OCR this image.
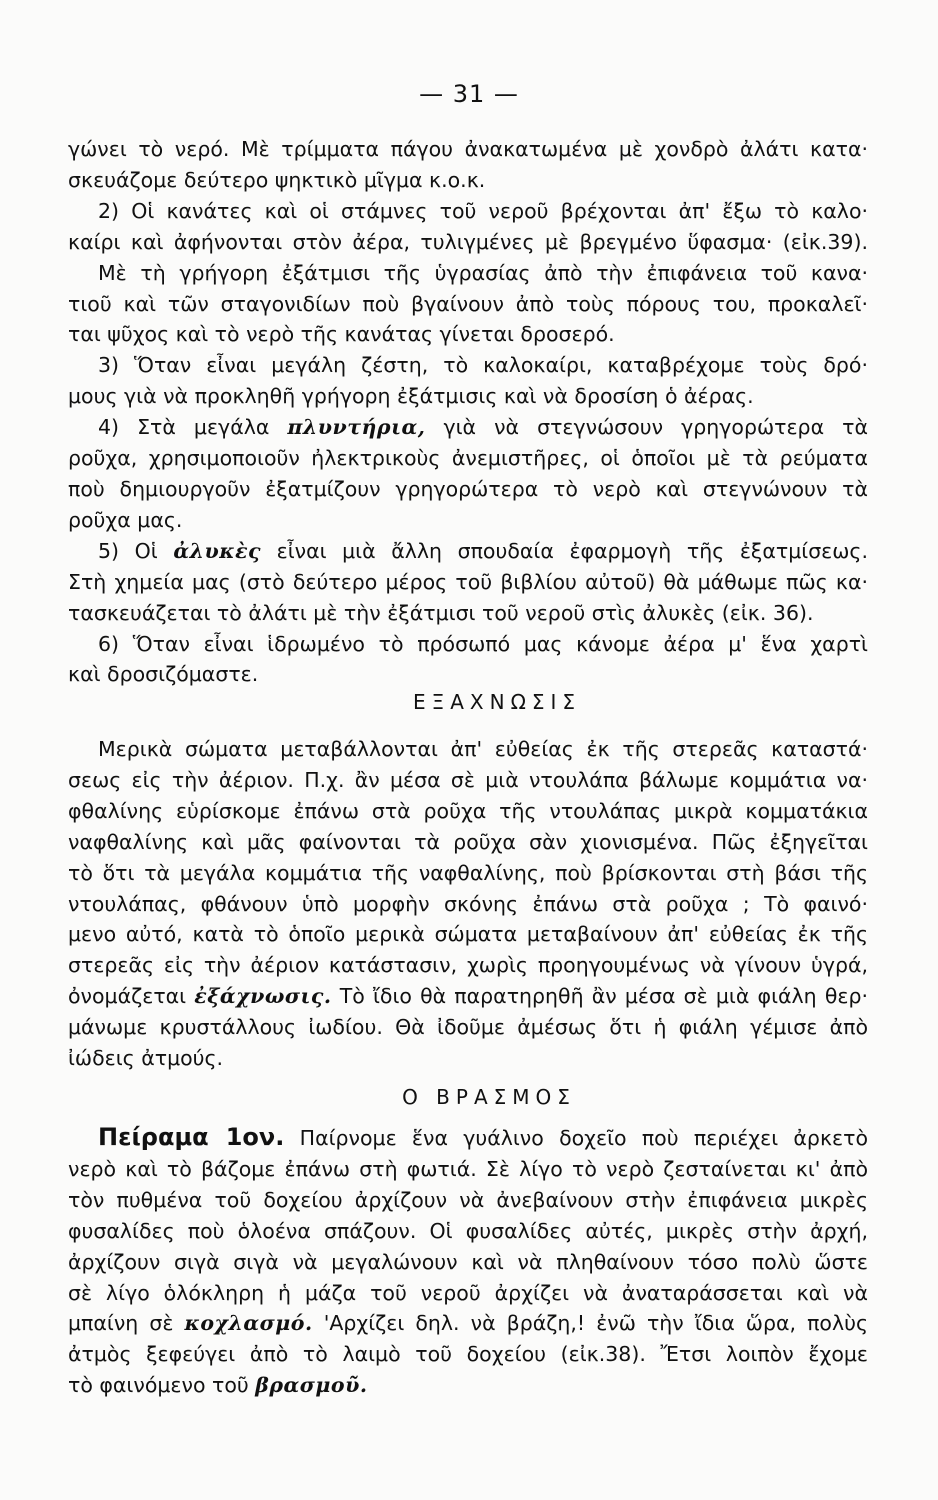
— 31 —

γώνει τὸ νερό. Μὲ τρίμματα πάγου ἀνακατωμένα μὲ χονδρὸ ἀλάτι κατα·

σκευάζομε δεύτερο ψηκτικὸ μῖγμα κ.ο.κ.

2) Οἱ κανάτες καὶ οἱ στάμνες τοῦ νεροῦ βρέχονται ἀπ' ἔξω τὸ καλο·

καίρι καὶ ἀφήνονται στὸν ἀέρα, τυλιγμένες μὲ βρεγμένο ὕφασμα· (εἰκ.39).

Μὲ τὴ γρήγορη ἐξάτμισι τῆς ὑγρασίας ἀπὸ τὴν ἐπιφάνεια τοῦ κανα·

τιοῦ καὶ τῶν σταγονιδίων ποὺ βγαίνουν ἀπὸ τοὺς πόρους του, προκαλεῖ·

ται ψῦχος καὶ τὸ νερὸ τῆς κανάτας γίνεται δροσερό.

3) Ὅταν εἶναι μεγάλη ζέστη, τὸ καλοκαίρι, καταβρέχομε τοὺς δρό·

μους γιὰ νὰ προκληθῆ γρήγορη ἐξάτμισις καὶ νὰ δροσίση ὁ ἀέρας.

4) Στὰ μεγάλα πλυντήρια, γιὰ νὰ στεγνώσουν γρηγορώτερα τὰ

ροῦχα, χρησιμοποιοῦν ἠλεκτρικοὺς ἀνεμιστῆρες, οἱ ὁποῖοι μὲ τὰ ρεύματα

ποὺ δημιουργοῦν ἐξατμίζουν γρηγορώτερα τὸ νερὸ καὶ στεγνώνουν τὰ

ροῦχα μας.

5) Οἱ ἀλυκὲς εἶναι μιὰ ἄλλη σπουδαία ἐφαρμογὴ τῆς ἐξατμίσεως.

Στὴ χημεία μας (στὸ δεύτερο μέρος τοῦ βιβλίου αὐτοῦ) θὰ μάθωμε πῶς κα·

τασκευάζεται τὸ ἀλάτι μὲ τὴν ἐξάτμισι τοῦ νεροῦ στὶς ἀλυκὲς (εἰκ. 36).

6) Ὅταν εἶναι ἱδρωμένο τὸ πρόσωπό μας κάνομε ἀέρα μ' ἕνα χαρτὶ

καὶ δροσιζόμαστε.

ΕΞΑΧΝΩΣΙΣ

Μερικὰ σώματα μεταβάλλονται ἀπ' εὐθείας ἐκ τῆς στερεᾶς καταστά·

σεως εἰς τὴν ἀέριον. Π.χ. ἂν μέσα σὲ μιὰ ντουλάπα βάλωμε κομμάτια να·

φθαλίνης εὑρίσκομε ἐπάνω στὰ ροῦχα τῆς ντουλάπας μικρὰ κομματάκια

ναφθαλίνης καὶ μᾶς φαίνονται τὰ ροῦχα σὰν χιονισμένα. Πῶς ἐξηγεῖται

τὸ ὅτι τὰ μεγάλα κομμάτια τῆς ναφθαλίνης, ποὺ βρίσκονται στὴ βάσι τῆς

ντουλάπας, φθάνουν ὑπὸ μορφὴν σκόνης ἐπάνω στὰ ροῦχα ; Τὸ φαινό·

μενο αὐτό, κατὰ τὸ ὁποῖο μερικὰ σώματα μεταβαίνουν ἀπ' εὐθείας ἐκ τῆς

στερεᾶς εἰς τὴν ἀέριον κατάστασιν, χωρὶς προηγουμένως νὰ γίνουν ὑγρά,

ὀνομάζεται ἐξάχνωσις. Τὸ ἴδιο θὰ παρατηρηθῆ ἂν μέσα σὲ μιὰ φιάλη θερ·

μάνωμε κρυστάλλους ἰωδίου. Θὰ ἰδοῦμε ἀμέσως ὅτι ἡ φιάλη γέμισε ἀπὸ

ἰώδεις ἀτμούς.

Ο ΒΡΑΣΜΟΣ

Πείραμα 1ον. Παίρνομε ἕνα γυάλινο δοχεῖο ποὺ περιέχει ἀρκετὸ

νερὸ καὶ τὸ βάζομε ἐπάνω στὴ φωτιά. Σὲ λίγο τὸ νερὸ ζεσταίνεται κι' ἀπὸ

τὸν πυθμένα τοῦ δοχείου ἀρχίζουν νὰ ἀνεβαίνουν στὴν ἐπιφάνεια μικρὲς

φυσαλίδες ποὺ ὁλοένα σπάζουν. Οἱ φυσαλίδες αὐτές, μικρὲς στὴν ἀρχή,

ἀρχίζουν σιγὰ σιγὰ νὰ μεγαλώνουν καὶ νὰ πληθαίνουν τόσο πολὺ ὥστε

σὲ λίγο ὁλόκληρη ἡ μάζα τοῦ νεροῦ ἀρχίζει νὰ ἀναταράσσεται καὶ νὰ

μπαίνη σὲ κοχλασμό. 'Αρχίζει δηλ. νὰ βράζη,! ἐνῶ τὴν ἴδια ὥρα, πολὺς

ἀτμὸς ξεφεύγει ἀπὸ τὸ λαιμὸ τοῦ δοχείου (εἰκ.38). Ἔτσι λοιπὸν ἔχομε

τὸ φαινόμενο τοῦ βρασμοῦ.
